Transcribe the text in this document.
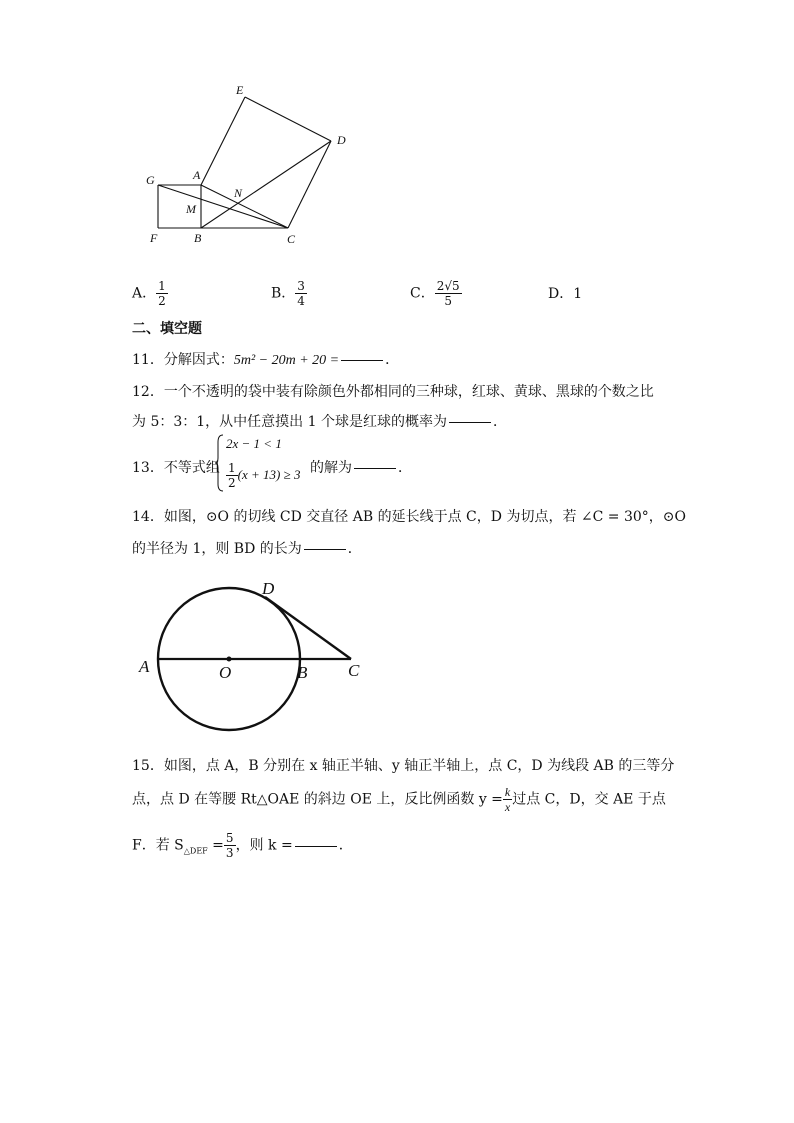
E
D
G	A
N
M
F	B	C
A． $\frac{1}{2}$	B． $\frac{3}{4}$	C． $\frac{2√5}{5}$	D．1
二、填空题
11．分解因式：5m² − 20m + 20 =	．
12．一个不透明的袋中装有除颜色外都相同的三种球，红球、黄球、黑球的个数之比
为 5：3：1，从中任意摸出 1 个球是红球的概率为	．
13．不等式组
2x − 1 < 1
$\frac{1}{2} (x + 13) \ge 3$ 的解为	．
14．如图，⊙O 的切线 CD 交直径 AB 的延长线于点 C，D 为切点，若 ∠C = 30°，⊙O
的半径为 1，则 BD 的长为	．
A	O	B C
D
15．如图，点 A，B 分别在 x 轴正半轴、y 轴正半轴上，点 C，D 为线段 AB 的三等分
点，点 D 在等腰 Rt△OAE 的斜边 OE 上，反比例函数 $y = \frac{k}{x}$ 过点 C，D，交 AE 于点
F．若 $S_{\triangle DEF} = \frac{5}{3}$ ，则 k =	．
